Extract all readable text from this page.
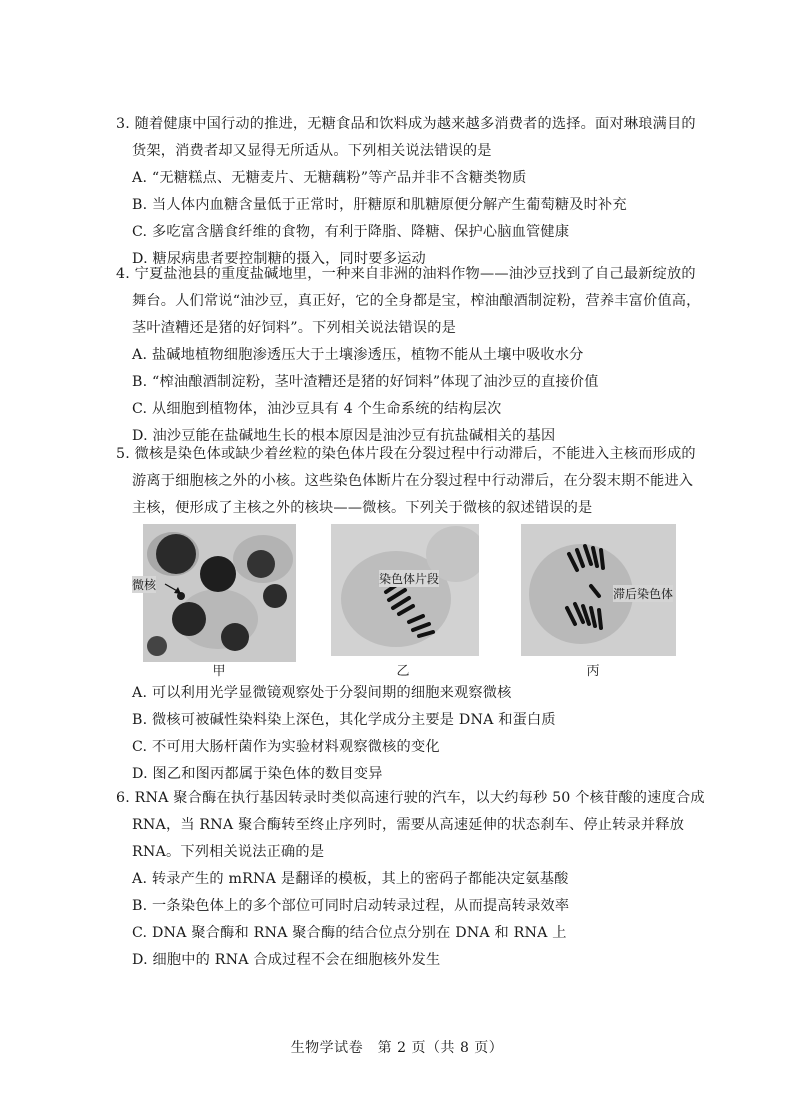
3. 随着健康中国行动的推进，无糖食品和饮料成为越来越多消费者的选择。面对琳琅满目的货架，消费者却又显得无所适从。下列相关说法错误的是

A. “无糖糕点、无糖麦片、无糖藕粉”等产品并非不含糖类物质

B. 当人体内血糖含量低于正常时，肝糖原和肌糖原便分解产生葡萄糖及时补充

C. 多吃富含膳食纤维的食物，有利于降脂、降糖、保护心脑血管健康

D. 糖尿病患者要控制糖的摄入，同时要多运动

4. 宁夏盐池县的重度盐碱地里，一种来自非洲的油料作物——油沙豆找到了自己最新绽放的舞台。人们常说“油沙豆，真正好，它的全身都是宝，榨油酿酒制淀粉，营养丰富价值高，茎叶渣糟还是猪的好饲料”。下列相关说法错误的是

A. 盐碱地植物细胞渗透压大于土壤渗透压，植物不能从土壤中吸收水分

B. “榨油酿酒制淀粉，茎叶渣糟还是猪的好饲料”体现了油沙豆的直接价值

C. 从细胞到植物体，油沙豆具有 4 个生命系统的结构层次

D. 油沙豆能在盐碱地生长的根本原因是油沙豆有抗盐碱相关的基因

5. 微核是染色体或缺少着丝粒的染色体片段在分裂过程中行动滞后，不能进入主核而形成的游离于细胞核之外的小核。这些染色体断片在分裂过程中行动滞后，在分裂末期不能进入主核，便形成了主核之外的核块——微核。下列关于微核的叙述错误的是

微核
甲
染色体片段
乙
滞后染色体
丙

A. 可以利用光学显微镜观察处于分裂间期的细胞来观察微核

B. 微核可被碱性染料染上深色，其化学成分主要是 DNA 和蛋白质

C. 不可用大肠杆菌作为实验材料观察微核的变化

D. 图乙和图丙都属于染色体的数目变异

6. RNA 聚合酶在执行基因转录时类似高速行驶的汽车，以大约每秒 50 个核苷酸的速度合成 RNA，当 RNA 聚合酶转至终止序列时，需要从高速延伸的状态刹车、停止转录并释放 RNA。下列相关说法正确的是

A. 转录产生的 mRNA 是翻译的模板，其上的密码子都能决定氨基酸

B. 一条染色体上的多个部位可同时启动转录过程，从而提高转录效率

C. DNA 聚合酶和 RNA 聚合酶的结合位点分别在 DNA 和 RNA 上

D. 细胞中的 RNA 合成过程不会在细胞核外发生

生物学试卷　第 2 页（共 8 页）
